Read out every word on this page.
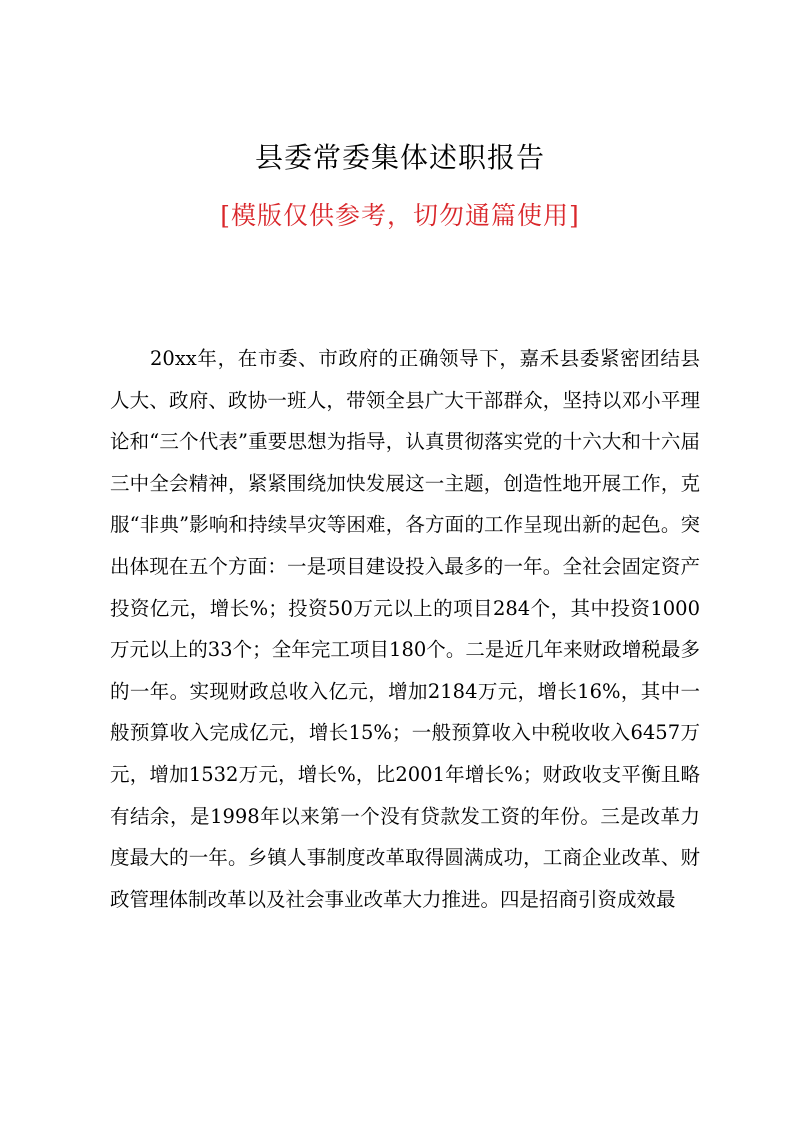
县委常委集体述职报告
[模版仅供参考，切勿通篇使用]

20xx年，在市委、市政府的正确领导下，嘉禾县委紧密团结县人大、政府、政协一班人，带领全县广大干部群众，坚持以邓小平理论和“三个代表”重要思想为指导，认真贯彻落实党的十六大和十六届三中全会精神，紧紧围绕加快发展这一主题，创造性地开展工作，克服“非典”影响和持续旱灾等困难，各方面的工作呈现出新的起色。突出体现在五个方面：一是项目建设投入最多的一年。全社会固定资产投资亿元，增长%；投资50万元以上的项目284个，其中投资1000万元以上的33个；全年完工项目180个。二是近几年来财政增税最多的一年。实现财政总收入亿元，增加2184万元，增长16%，其中一般预算收入完成亿元，增长15%；一般预算收入中税收收入6457万元，增加1532万元，增长%，比2001年增长%；财政收支平衡且略有结余，是1998年以来第一个没有贷款发工资的年份。三是改革力度最大的一年。乡镇人事制度改革取得圆满成功，工商企业改革、财政管理体制改革以及社会事业改革大力推进。四是招商引资成效最
